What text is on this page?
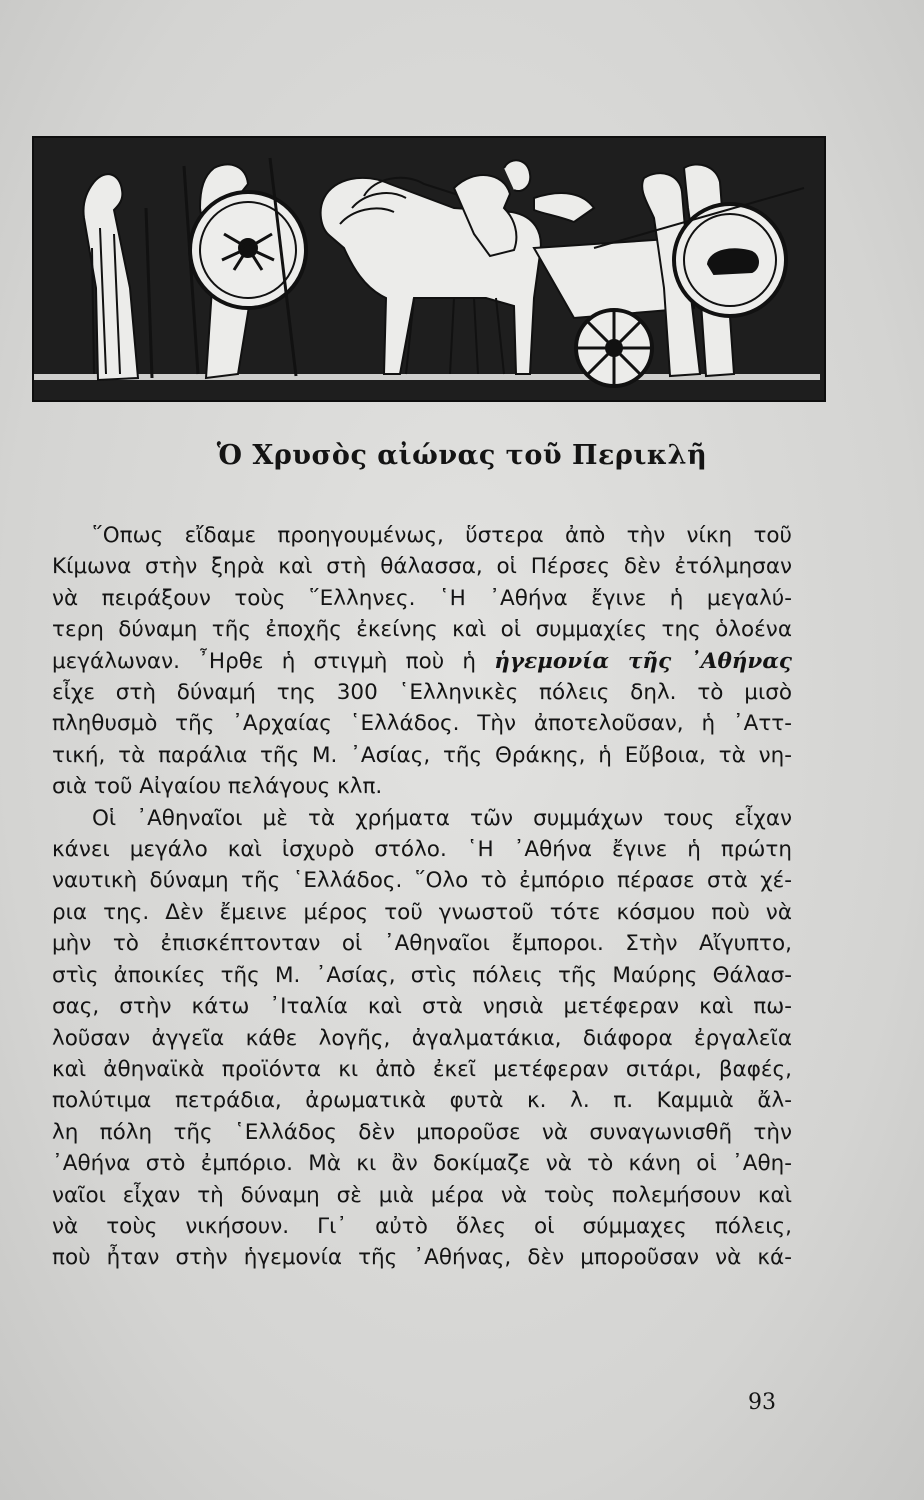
Ὁ Χρυσὸς αἰώνας τοῦ Περικλῆ
῞Οπως εἴδαμε προηγουμένως, ὕστερα ἀπὸ τὴν νίκη τοῦ
Κίμωνα στὴν ξηρὰ καὶ στὴ θάλασσα, οἱ Πέρσες δὲν ἐτόλμησαν
νὰ πειράξουν τοὺς ῞Ελληνες. ῾Η ᾿Αθήνα ἔγινε ἡ μεγαλύ-
τερη δύναμη τῆς ἐποχῆς ἐκείνης καὶ οἱ συμμαχίες της ὁλοένα
μεγάλωναν. ῏Ηρθε ἡ στιγμὴ ποὺ ἡ ἡγεμονία τῆς ᾿Αθήνας
εἶχε στὴ δύναμή της 300 ῾Ελληνικὲς πόλεις δηλ. τὸ μισὸ
πληθυσμὸ τῆς ᾿Αρχαίας ῾Ελλάδος. Τὴν ἀποτελοῦσαν, ἡ ᾿Αττ-
τική, τὰ παράλια τῆς Μ. ᾿Ασίας, τῆς Θράκης, ἡ Εὔβοια, τὰ νη-
σιὰ τοῦ Αἰγαίου πελάγους κλπ.
Οἱ ᾿Αθηναῖοι μὲ τὰ χρήματα τῶν συμμάχων τους εἶχαν
κάνει μεγάλο καὶ ἰσχυρὸ στόλο. ῾Η ᾿Αθήνα ἔγινε ἡ πρώτη
ναυτικὴ δύναμη τῆς ῾Ελλάδος. ῞Ολο τὸ ἐμπόριο πέρασε στὰ χέ-
ρια της. Δὲν ἔμεινε μέρος τοῦ γνωστοῦ τότε κόσμου ποὺ νὰ
μὴν τὸ ἐπισκέπτονταν οἱ ᾿Αθηναῖοι ἔμποροι. Στὴν Αἴγυπτο,
στὶς ἀποικίες τῆς Μ. ᾿Ασίας, στὶς πόλεις τῆς Μαύρης Θάλασ-
σας, στὴν κάτω ᾿Ιταλία καὶ στὰ νησιὰ μετέφεραν καὶ πω-
λοῦσαν ἀγγεῖα κάθε λογῆς, ἀγαλματάκια, διάφορα ἐργαλεῖα
καὶ ἀθηναϊκὰ προϊόντα κι ἀπὸ ἐκεῖ μετέφεραν σιτάρι, βαφές,
πολύτιμα πετράδια, ἀρωματικὰ φυτὰ κ. λ. π. Καμμιὰ ἄλ-
λη πόλη τῆς ῾Ελλάδος δὲν μποροῦσε νὰ συναγωνισθῆ τὴν
᾿Αθήνα στὸ ἐμπόριο. Μὰ κι ἂν δοκίμαζε νὰ τὸ κάνη οἱ ᾿Αθη-
ναῖοι εἶχαν τὴ δύναμη σὲ μιὰ μέρα νὰ τοὺς πολεμήσουν καὶ
νὰ τοὺς νικήσουν. Γι᾿ αὐτὸ ὅλες οἱ σύμμαχες πόλεις,
ποὺ ἦταν στὴν ἡγεμονία τῆς ᾿Αθήνας, δὲν μποροῦσαν νὰ κά-
93
